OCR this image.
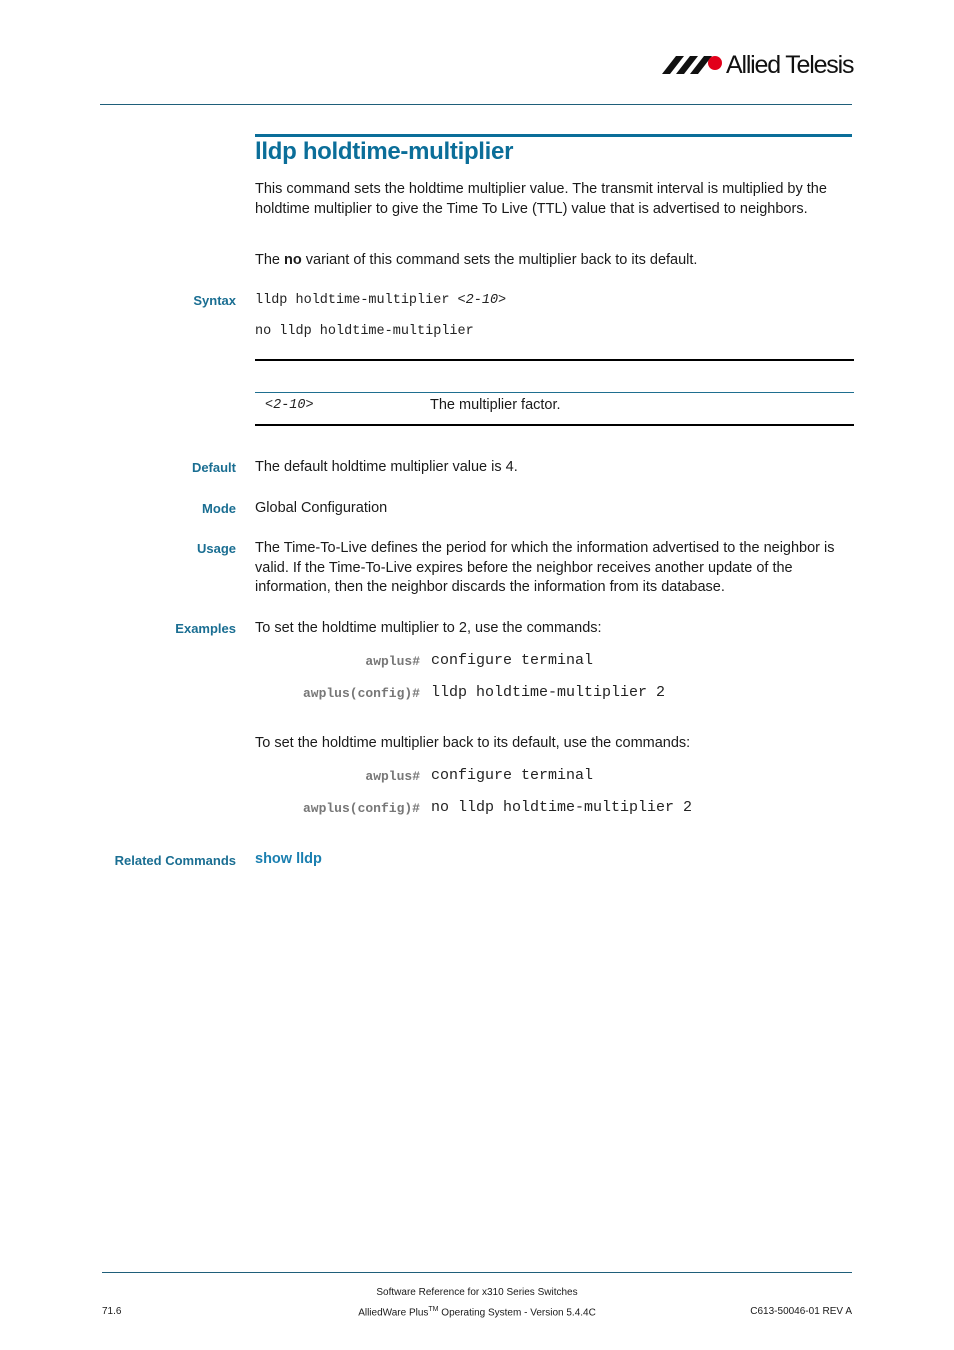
Allied Telesis
lldp holdtime-multiplier
This command sets the holdtime multiplier value. The transmit interval is multiplied by the holdtime multiplier to give the Time To Live (TTL) value that is advertised to neighbors.
The no variant of this command sets the multiplier back to its default.
Syntax lldp holdtime-multiplier <2-10>
no lldp holdtime-multiplier
<2-10>	The multiplier factor.
Default The default holdtime multiplier value is 4.
Mode Global Configuration
Usage The Time-To-Live defines the period for which the information advertised to the neighbor is valid. If the Time-To-Live expires before the neighbor receives another update of the information, then the neighbor discards the information from its database.
Examples To set the holdtime multiplier to 2, use the commands:
awplus# configure terminal
awplus(config)# lldp holdtime-multiplier 2
To set the holdtime multiplier back to its default, use the commands:
awplus# configure terminal
awplus(config)# no lldp holdtime-multiplier 2
Related Commands show lldp
Software Reference for x310 Series Switches
71.6	AlliedWare Plus™ Operating System - Version 5.4.4C	C613-50046-01 REV A
